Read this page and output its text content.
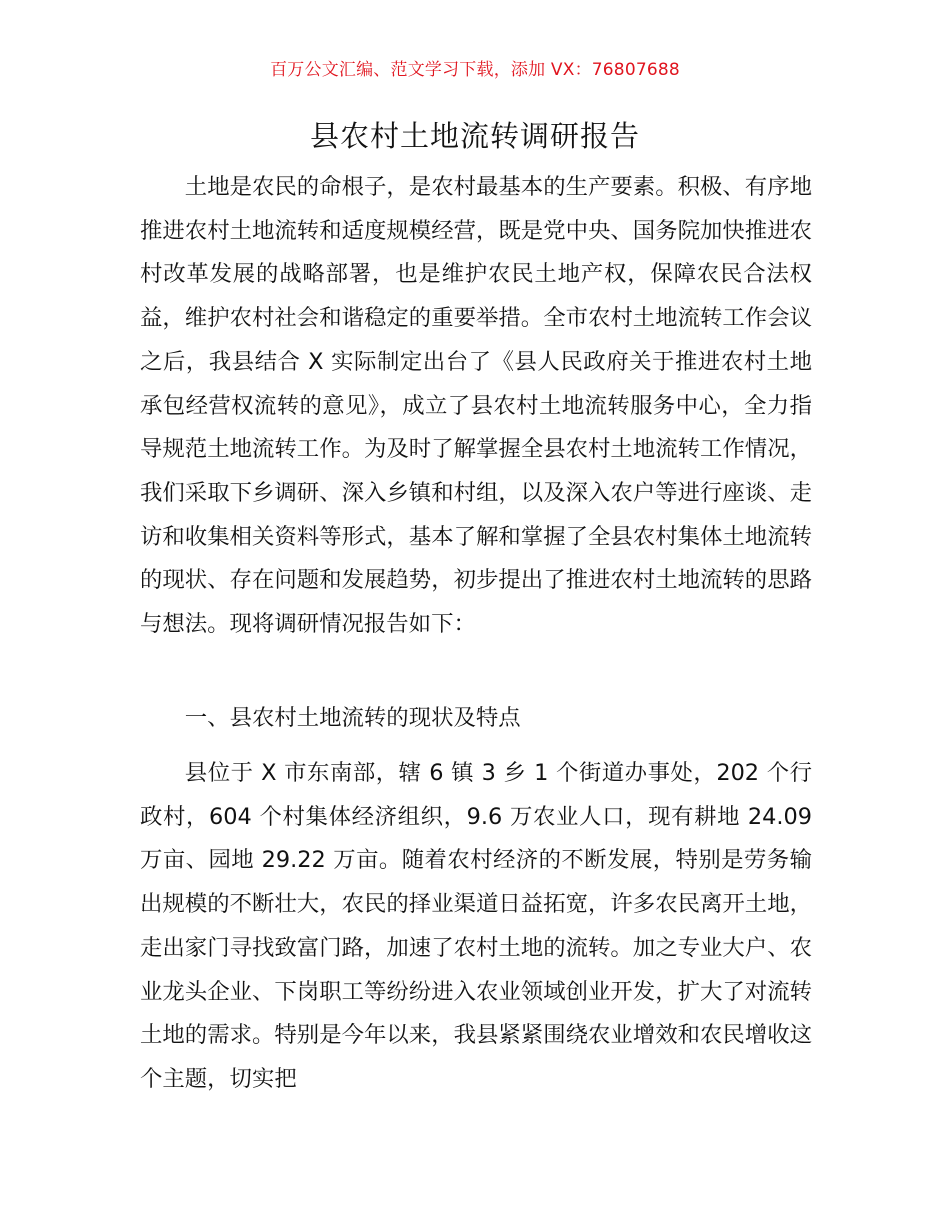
百万公文汇编、范文学习下载，添加 VX：76807688
县农村土地流转调研报告

土地是农民的命根子，是农村最基本的生产要素。积极、有序地推进农村土地流转和适度规模经营，既是党中央、国务院加快推进农村改革发展的战略部署，也是维护农民土地产权，保障农民合法权益，维护农村社会和谐稳定的重要举措。全市农村土地流转工作会议之后，我县结合 X 实际制定出台了《县人民政府关于推进农村土地承包经营权流转的意见》，成立了县农村土地流转服务中心，全力指导规范土地流转工作。为及时了解掌握全县农村土地流转工作情况，我们采取下乡调研、深入乡镇和村组，以及深入农户等进行座谈、走访和收集相关资料等形式，基本了解和掌握了全县农村集体土地流转的现状、存在问题和发展趋势，初步提出了推进农村土地流转的思路与想法。现将调研情况报告如下：

一、县农村土地流转的现状及特点

县位于 X 市东南部，辖 6 镇 3 乡 1 个街道办事处，202 个行政村，604 个村集体经济组织，9.6 万农业人口，现有耕地 24.09 万亩、园地 29.22 万亩。随着农村经济的不断发展，特别是劳务输出规模的不断壮大，农民的择业渠道日益拓宽，许多农民离开土地，走出家门寻找致富门路，加速了农村土地的流转。加之专业大户、农业龙头企业、下岗职工等纷纷进入农业领域创业开发，扩大了对流转土地的需求。特别是今年以来，我县紧紧围绕农业增效和农民增收这个主题，切实把
